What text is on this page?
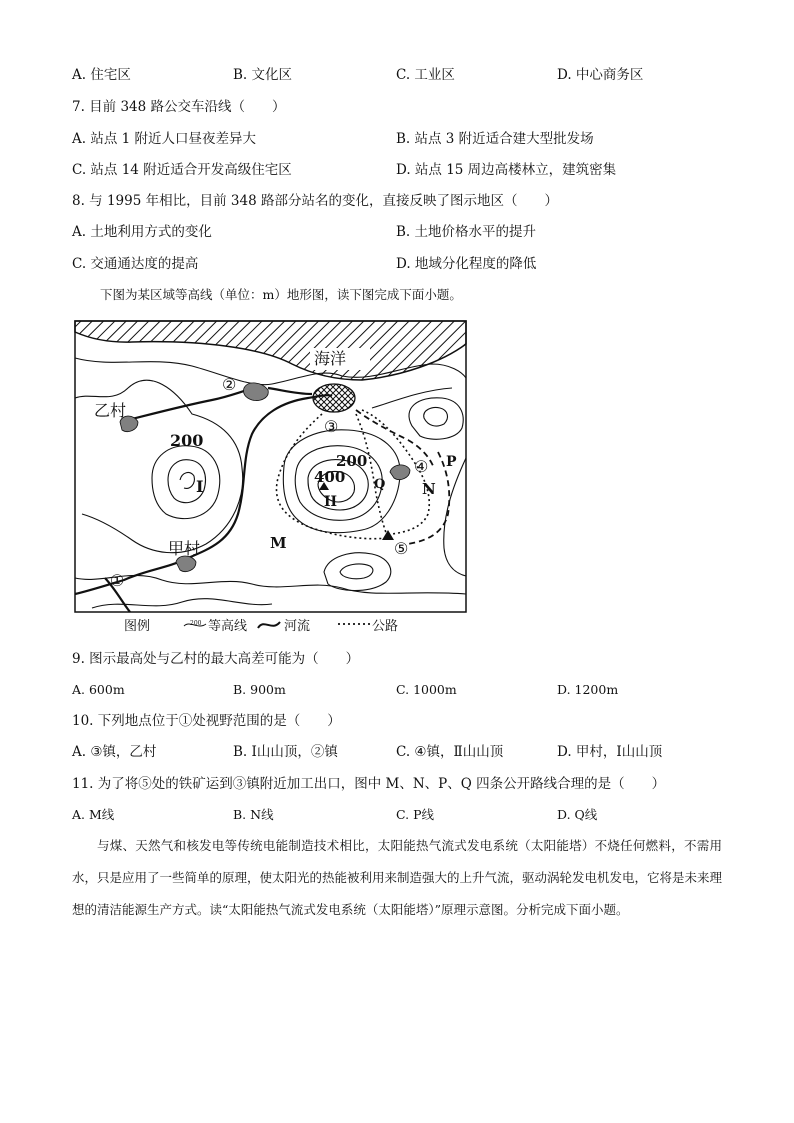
A. 住宅区	B. 文化区	C. 工业区	D. 中心商务区
7. 目前 348 路公交车沿线（　　）
A. 站点 1 附近人口昼夜差异大	B. 站点 3 附近适合建大型批发场
C. 站点 14 附近适合开发高级住宅区	D. 站点 15 周边高楼林立，建筑密集
8. 与 1995 年相比，目前 348 路部分站名的变化，直接反映了图示地区（　　）
A. 土地利用方式的变化	B. 土地价格水平的提升
C. 交通通达度的提高	D. 地域分化程度的降低
下图为某区域等高线（单位：m）地形图，读下图完成下面小题。
海洋
②
乙村
200
③
200
400
④ P
Q N
I
II
甲村	M	⑤
①
图例	200 等高线	河流	公路
9. 图示最高处与乙村的最大高差可能为（　　）
A. 600m	B. 900m	C. 1000m	D. 1200m
10. 下列地点位于①处视野范围的是（　　）
A. ③镇，乙村	B. Ⅰ山山顶，②镇	C. ④镇，Ⅱ山山顶	D. 甲村，Ⅰ山山顶
11. 为了将⑤处的铁矿运到③镇附近加工出口，图中 M、N、P、Q 四条公开路线合理的是（　　）
A. M线	B. N线	C. P线	D. Q线

与煤、天然气和核发电等传统电能制造技术相比，太阳能热气流式发电系统（太阳能塔）不烧任何燃料，不需用水，只是应用了一些简单的原理，使太阳光的热能被利用来制造强大的上升气流，驱动涡轮发电机发电，它将是未来理想的清洁能源生产方式。读“太阳能热气流式发电系统（太阳能塔）”原理示意图。分析完成下面小题。
